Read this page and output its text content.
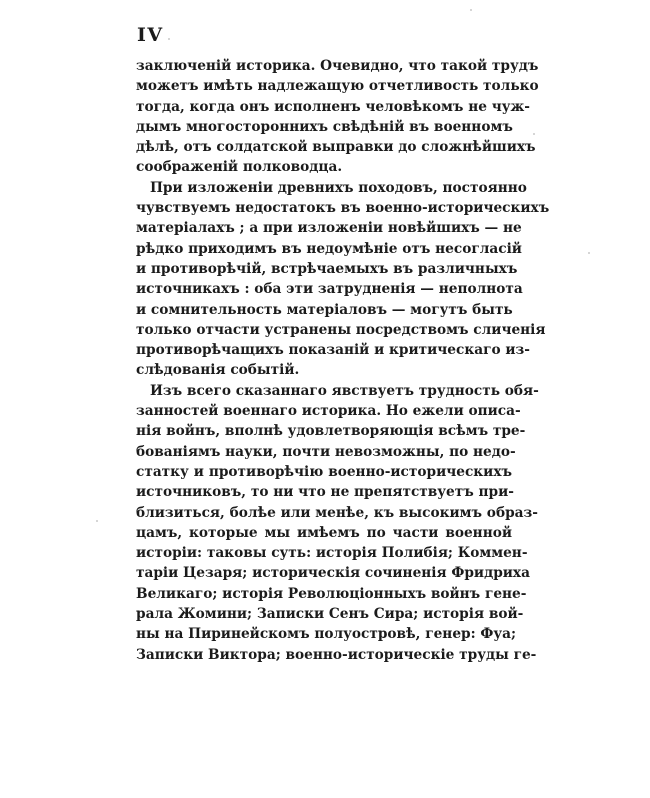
IV
заключеній историка. Очевидно, что такой трудъ
можетъ имѣть надлежащую отчетливость только
тогда, когда онъ исполненъ человѣкомъ не чуж-
дымъ многостороннихъ свѣдѣній въ военномъ
дѣлѣ, отъ солдатской выправки до сложнѣйшихъ
соображеній полководца.
При изложеніи древнихъ походовъ, постоянно
чувствуемъ недостатокъ въ военно-историческихъ
матеріалахъ ; а при изложеніи новѣйшихъ — не
рѣдко приходимъ въ недоумѣніе отъ несогласій
и противорѣчій, встрѣчаемыхъ въ различныхъ
источникахъ : оба эти затрудненія — неполнота
и сомнительность матеріаловъ — могутъ быть
только отчасти устранены посредствомъ сличенія
противорѣчащихъ показаній и критическаго из-
слѣдованія событій.
Изъ всего сказаннаго явствуетъ трудность обя-
занностей военнаго историка. Но ежели описа-
нія войнъ, вполнѣ удовлетворяющія всѣмъ тре-
бованіямъ науки, почти невозможны, по недо-
статку и противорѣчію военно-историческихъ
источниковъ, то ни что не препятствуетъ при-
близиться, болѣе или менѣе, къ высокимъ образ-
цамъ, которые мы имѣемъ по части военной
исторіи: таковы суть: исторія Полибія; Коммен-
таріи Цезаря; историческія сочиненія Фридриха
Великаго; исторія Революціонныхъ войнъ гене-
рала Жомини; Записки Сенъ Сира; исторія вой-
ны на Пиринейскомъ полуостровѣ, генер: Фуа;
Записки Виктора; военно-историческіе труды ге-
